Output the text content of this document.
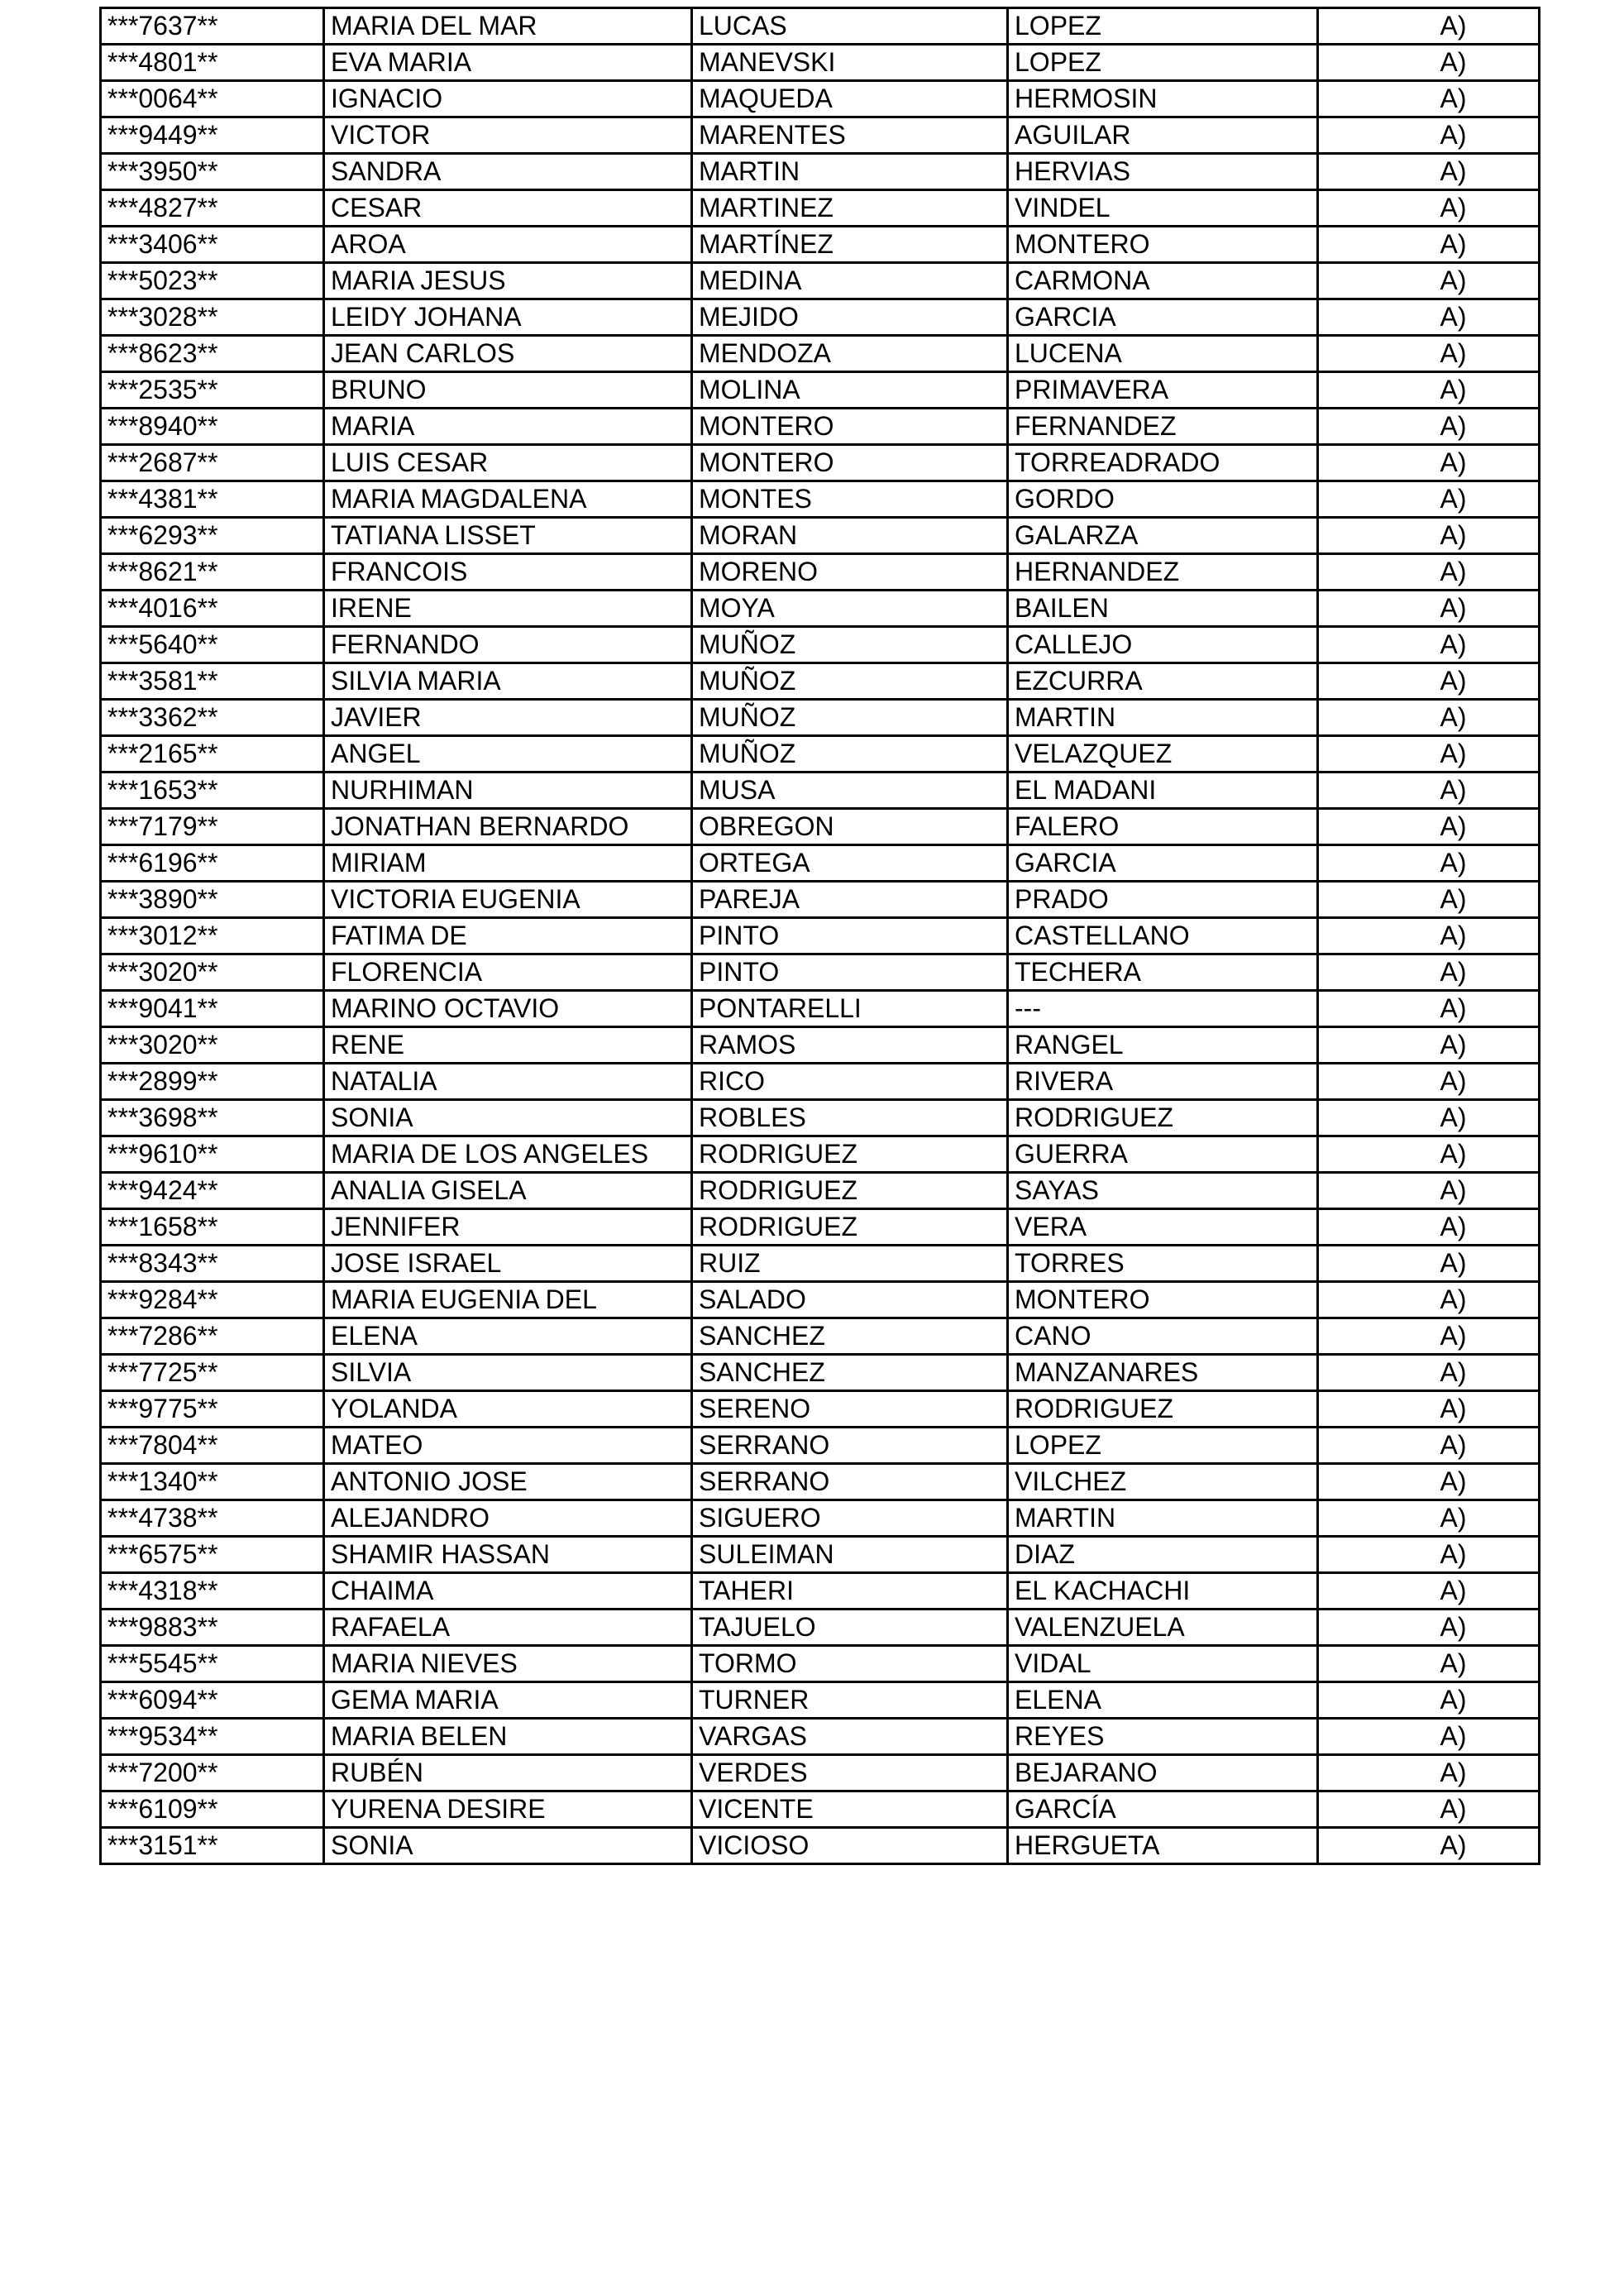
***7637**	MARIA DEL MAR	LUCAS	LOPEZ	A)
***4801**	EVA MARIA	MANEVSKI	LOPEZ	A)
***0064**	IGNACIO	MAQUEDA	HERMOSIN	A)
***9449**	VICTOR	MARENTES	AGUILAR	A)
***3950**	SANDRA	MARTIN	HERVIAS	A)
***4827**	CESAR	MARTINEZ	VINDEL	A)
***3406**	AROA	MARTÍNEZ	MONTERO	A)
***5023**	MARIA JESUS	MEDINA	CARMONA	A)
***3028**	LEIDY JOHANA	MEJIDO	GARCIA	A)
***8623**	JEAN CARLOS	MENDOZA	LUCENA	A)
***2535**	BRUNO	MOLINA	PRIMAVERA	A)
***8940**	MARIA	MONTERO	FERNANDEZ	A)
***2687**	LUIS CESAR	MONTERO	TORREADRADO	A)
***4381**	MARIA MAGDALENA	MONTES	GORDO	A)
***6293**	TATIANA LISSET	MORAN	GALARZA	A)
***8621**	FRANCOIS	MORENO	HERNANDEZ	A)
***4016**	IRENE	MOYA	BAILEN	A)
***5640**	FERNANDO	MUÑOZ	CALLEJO	A)
***3581**	SILVIA MARIA	MUÑOZ	EZCURRA	A)
***3362**	JAVIER	MUÑOZ	MARTIN	A)
***2165**	ANGEL	MUÑOZ	VELAZQUEZ	A)
***1653**	NURHIMAN	MUSA	EL MADANI	A)
***7179**	JONATHAN BERNARDO	OBREGON	FALERO	A)
***6196**	MIRIAM	ORTEGA	GARCIA	A)
***3890**	VICTORIA EUGENIA	PAREJA	PRADO	A)
***3012**	FATIMA DE	PINTO	CASTELLANO	A)
***3020**	FLORENCIA	PINTO	TECHERA	A)
***9041**	MARINO OCTAVIO	PONTARELLI	---	A)
***3020**	RENE	RAMOS	RANGEL	A)
***2899**	NATALIA	RICO	RIVERA	A)
***3698**	SONIA	ROBLES	RODRIGUEZ	A)
***9610**	MARIA DE LOS ANGELES	RODRIGUEZ	GUERRA	A)
***9424**	ANALIA GISELA	RODRIGUEZ	SAYAS	A)
***1658**	JENNIFER	RODRIGUEZ	VERA	A)
***8343**	JOSE ISRAEL	RUIZ	TORRES	A)
***9284**	MARIA EUGENIA DEL	SALADO	MONTERO	A)
***7286**	ELENA	SANCHEZ	CANO	A)
***7725**	SILVIA	SANCHEZ	MANZANARES	A)
***9775**	YOLANDA	SERENO	RODRIGUEZ	A)
***7804**	MATEO	SERRANO	LOPEZ	A)
***1340**	ANTONIO JOSE	SERRANO	VILCHEZ	A)
***4738**	ALEJANDRO	SIGUERO	MARTIN	A)
***6575**	SHAMIR HASSAN	SULEIMAN	DIAZ	A)
***4318**	CHAIMA	TAHERI	EL KACHACHI	A)
***9883**	RAFAELA	TAJUELO	VALENZUELA	A)
***5545**	MARIA NIEVES	TORMO	VIDAL	A)
***6094**	GEMA MARIA	TURNER	ELENA	A)
***9534**	MARIA BELEN	VARGAS	REYES	A)
***7200**	RUBÉN	VERDES	BEJARANO	A)
***6109**	YURENA DESIRE	VICENTE	GARCÍA	A)
***3151**	SONIA	VICIOSO	HERGUETA	A)
